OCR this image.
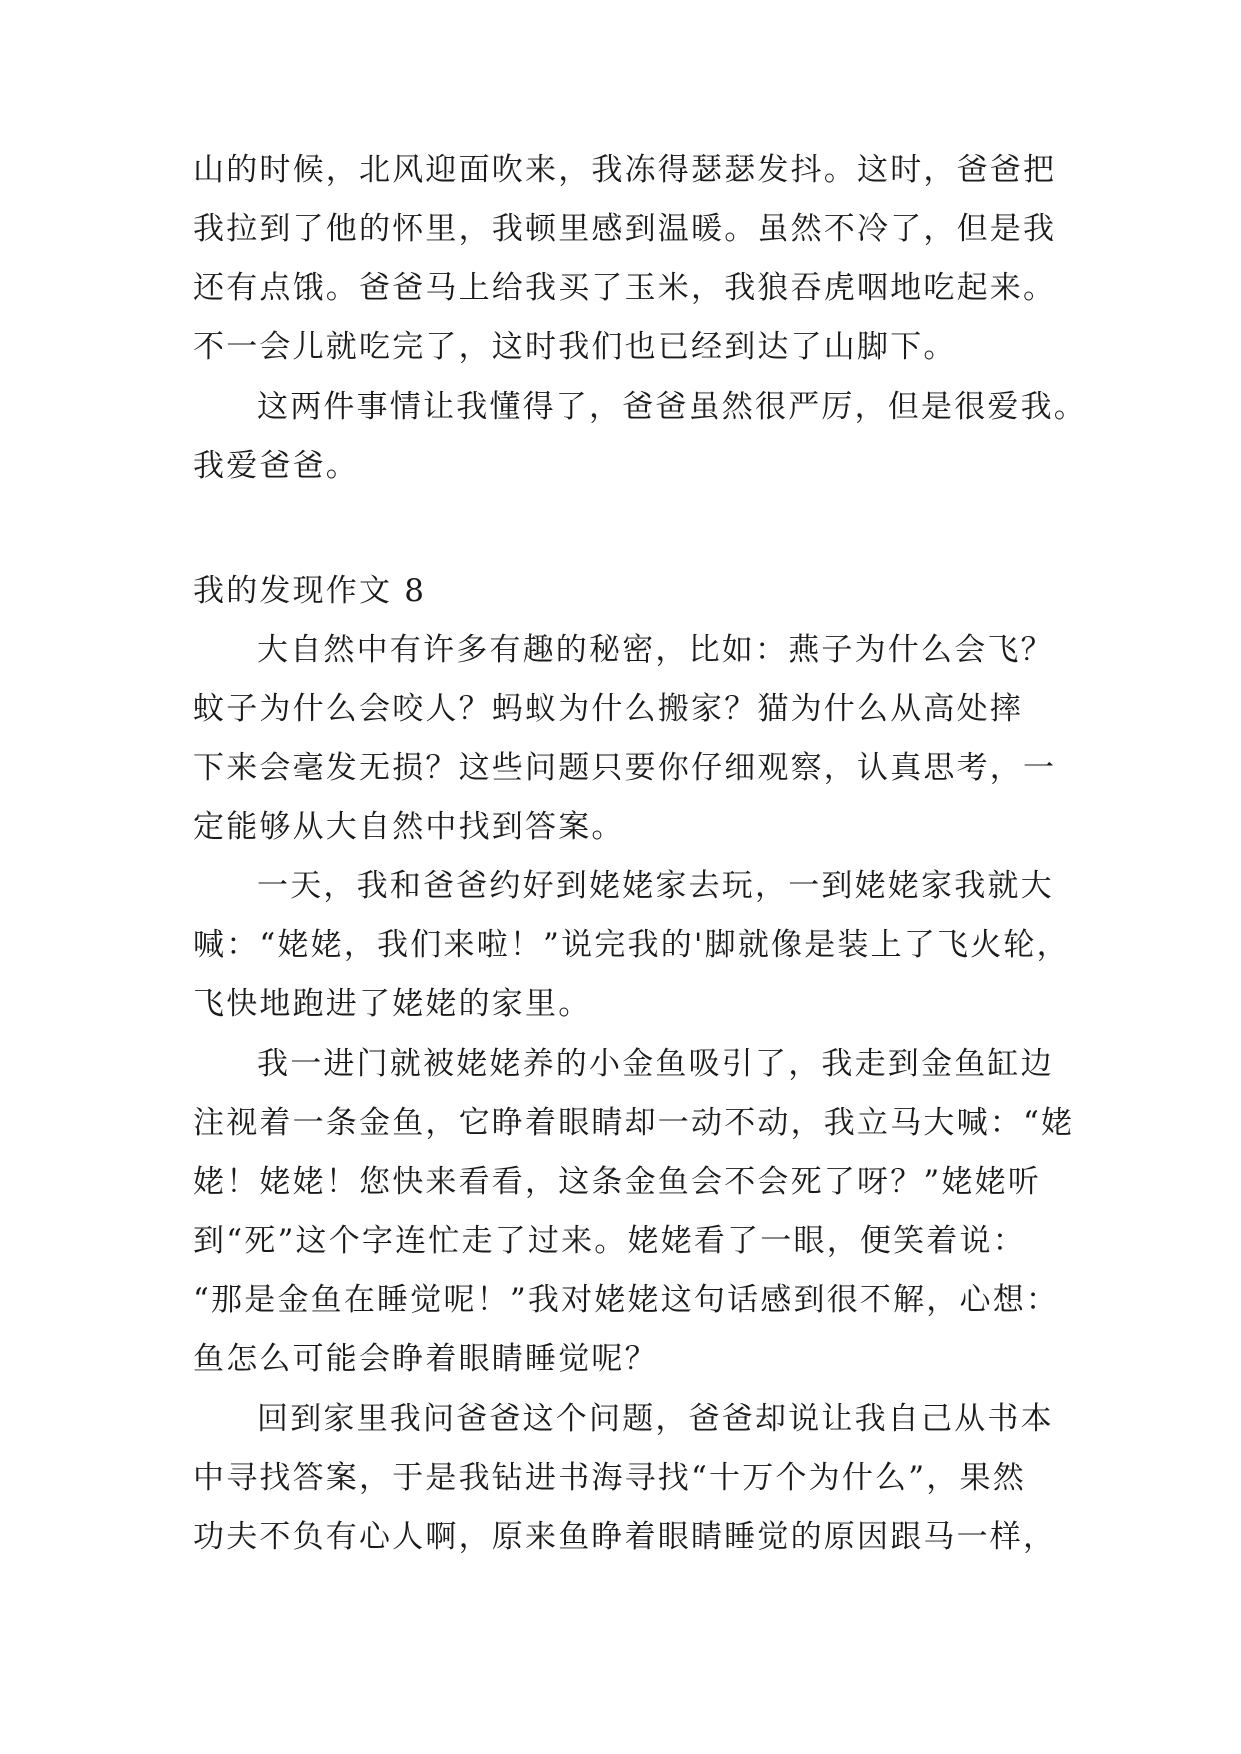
山的时候，北风迎面吹来，我冻得瑟瑟发抖。这时，爸爸把
我拉到了他的怀里，我顿里感到温暖。虽然不冷了，但是我
还有点饿。爸爸马上给我买了玉米，我狼吞虎咽地吃起来。
不一会儿就吃完了，这时我们也已经到达了山脚下。
这两件事情让我懂得了，爸爸虽然很严厉，但是很爱我。
我爱爸爸。
我的发现作文 8
大自然中有许多有趣的秘密，比如：燕子为什么会飞？
蚊子为什么会咬人？蚂蚁为什么搬家？猫为什么从高处摔
下来会毫发无损？这些问题只要你仔细观察，认真思考，一
定能够从大自然中找到答案。
一天，我和爸爸约好到姥姥家去玩，一到姥姥家我就大
喊：“姥姥，我们来啦！”说完我的'脚就像是装上了飞火轮，
飞快地跑进了姥姥的家里。
我一进门就被姥姥养的小金鱼吸引了，我走到金鱼缸边
注视着一条金鱼，它睁着眼睛却一动不动，我立马大喊：“姥
姥！姥姥！您快来看看，这条金鱼会不会死了呀？”姥姥听
到“死”这个字连忙走了过来。姥姥看了一眼，便笑着说：
“那是金鱼在睡觉呢！”我对姥姥这句话感到很不解，心想：
鱼怎么可能会睁着眼睛睡觉呢？
回到家里我问爸爸这个问题，爸爸却说让我自己从书本
中寻找答案，于是我钻进书海寻找“十万个为什么”，果然
功夫不负有心人啊，原来鱼睁着眼睛睡觉的原因跟马一样，
